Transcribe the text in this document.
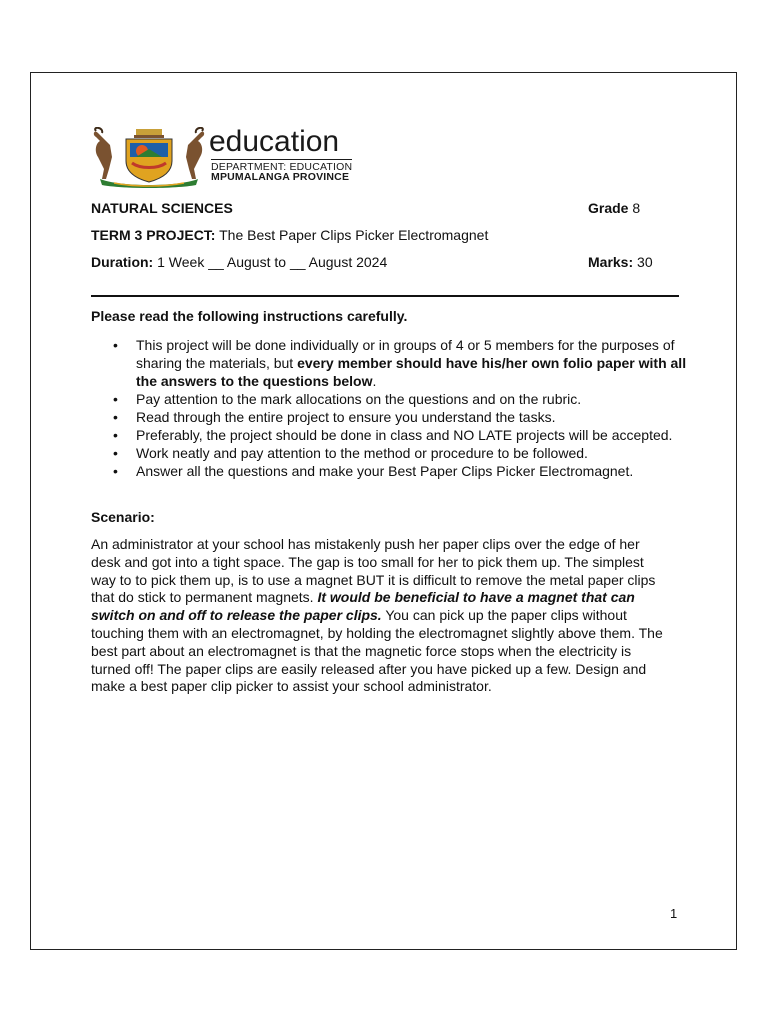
education
DEPARTMENT: EDUCATION
MPUMALANGA PROVINCE
NATURAL SCIENCES	Grade 8
TERM 3 PROJECT: The Best Paper Clips Picker Electromagnet
Duration: 1 Week __ August to __ August 2024	Marks: 30
Please read the following instructions carefully.
• This project will be done individually or in groups of 4 or 5 members for the purposes of sharing the materials, but every member should have his/her own folio paper with all the answers to the questions below.
• Pay attention to the mark allocations on the questions and on the rubric.
• Read through the entire project to ensure you understand the tasks.
• Preferably, the project should be done in class and NO LATE projects will be accepted.
• Work neatly and pay attention to the method or procedure to be followed.
• Answer all the questions and make your Best Paper Clips Picker Electromagnet.
Scenario:
An administrator at your school has mistakenly push her paper clips over the edge of her desk and got into a tight space. The gap is too small for her to pick them up. The simplest way to to pick them up, is to use a magnet BUT it is difficult to remove the metal paper clips that do stick to permanent magnets. It would be beneficial to have a magnet that can switch on and off to release the paper clips. You can pick up the paper clips without touching them with an electromagnet, by holding the electromagnet slightly above them. The best part about an electromagnet is that the magnetic force stops when the electricity is turned off! The paper clips are easily released after you have picked up a few. Design and make a best paper clip picker to assist your school administrator.
1
